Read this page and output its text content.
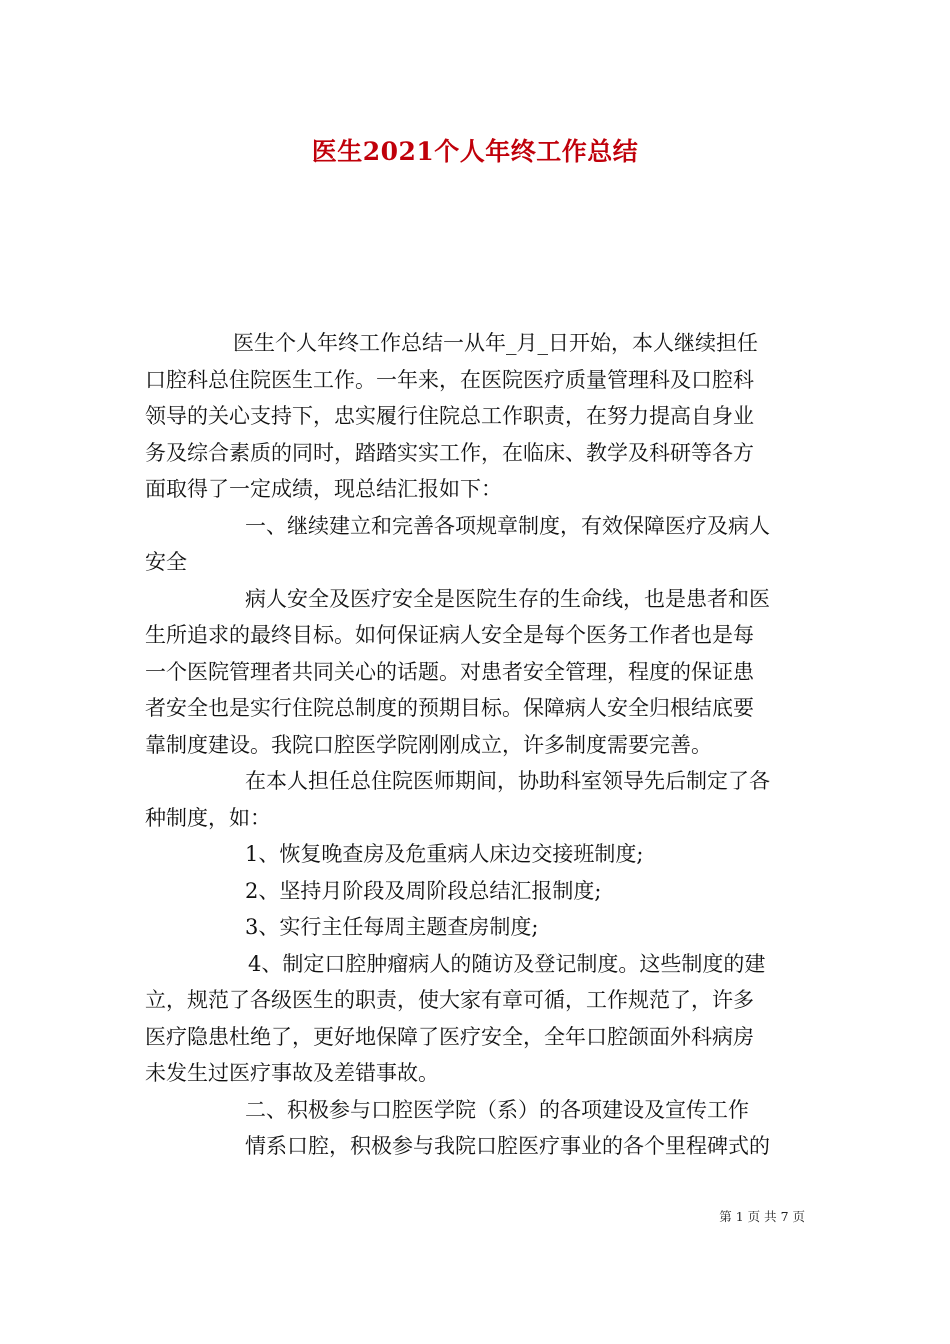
医生2021个人年终工作总结
医生个人年终工作总结一从年_月_日开始，本人继续担任
口腔科总住院医生工作。一年来，在医院医疗质量管理科及口腔科
领导的关心支持下，忠实履行住院总工作职责，在努力提高自身业
务及综合素质的同时，踏踏实实工作，在临床、教学及科研等各方
面取得了一定成绩，现总结汇报如下：
一、继续建立和完善各项规章制度，有效保障医疗及病人
安全
病人安全及医疗安全是医院生存的生命线，也是患者和医
生所追求的最终目标。如何保证病人安全是每个医务工作者也是每
一个医院管理者共同关心的话题。对患者安全管理，程度的保证患
者安全也是实行住院总制度的预期目标。保障病人安全归根结底要
靠制度建设。我院口腔医学院刚刚成立，许多制度需要完善。
在本人担任总住院医师期间，协助科室领导先后制定了各
种制度，如：
1、恢复晚查房及危重病人床边交接班制度;
2、坚持月阶段及周阶段总结汇报制度;
3、实行主任每周主题查房制度;
4、制定口腔肿瘤病人的随访及登记制度。这些制度的建
立，规范了各级医生的职责，使大家有章可循，工作规范了，许多
医疗隐患杜绝了，更好地保障了医疗安全，全年口腔颌面外科病房
未发生过医疗事故及差错事故。
二、积极参与口腔医学院（系）的各项建设及宣传工作
情系口腔，积极参与我院口腔医疗事业的各个里程碑式的
第 1 页 共 7 页
